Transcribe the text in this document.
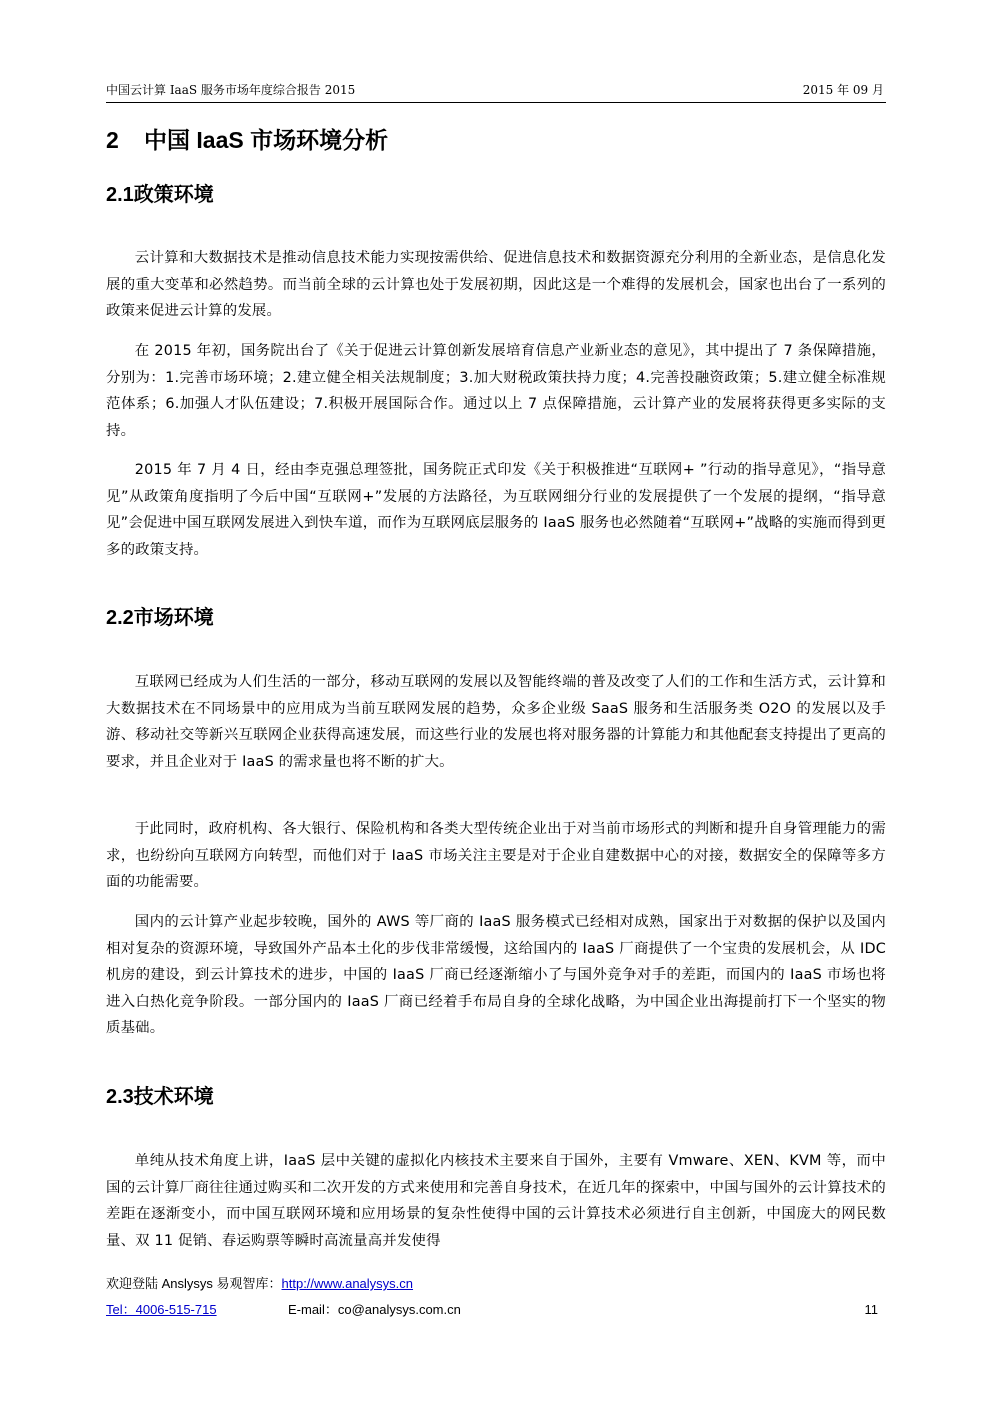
中国云计算 IaaS 服务市场年度综合报告 2015	2015 年 09 月
2 中国 IaaS 市场环境分析
2.1政策环境

云计算和大数据技术是推动信息技术能力实现按需供给、促进信息技术和数据资源充分利用的全新业态，是信息化发展的重大变革和必然趋势。而当前全球的云计算也处于发展初期，因此这是一个难得的发展机会，国家也出台了一系列的政策来促进云计算的发展。

在 2015 年初，国务院出台了《关于促进云计算创新发展培育信息产业新业态的意见》，其中提出了 7 条保障措施，分别为：1.完善市场环境；2.建立健全相关法规制度；3.加大财税政策扶持力度；4.完善投融资政策；5.建立健全标准规范体系；6.加强人才队伍建设；7.积极开展国际合作。通过以上 7 点保障措施，云计算产业的发展将获得更多实际的支持。

2015 年 7 月 4 日，经由李克强总理签批，国务院正式印发《关于积极推进“互联网+ ”行动的指导意见》，“指导意见”从政策角度指明了今后中国“互联网+”发展的方法路径，为互联网细分行业的发展提供了一个发展的提纲，“指导意见”会促进中国互联网发展进入到快车道，而作为互联网底层服务的 IaaS 服务也必然随着“互联网+”战略的实施而得到更多的政策支持。

2.2市场环境

互联网已经成为人们生活的一部分，移动互联网的发展以及智能终端的普及改变了人们的工作和生活方式，云计算和大数据技术在不同场景中的应用成为当前互联网发展的趋势，众多企业级 SaaS 服务和生活服务类 O2O 的发展以及手游、移动社交等新兴互联网企业获得高速发展，而这些行业的发展也将对服务器的计算能力和其他配套支持提出了更高的要求，并且企业对于 IaaS 的需求量也将不断的扩大。

于此同时，政府机构、各大银行、保险机构和各类大型传统企业出于对当前市场形式的判断和提升自身管理能力的需求，也纷纷向互联网方向转型，而他们对于 IaaS 市场关注主要是对于企业自建数据中心的对接，数据安全的保障等多方面的功能需要。

国内的云计算产业起步较晚，国外的 AWS 等厂商的 IaaS 服务模式已经相对成熟，国家出于对数据的保护以及国内相对复杂的资源环境，导致国外产品本土化的步伐非常缓慢，这给国内的 IaaS 厂商提供了一个宝贵的发展机会，从 IDC 机房的建设，到云计算技术的进步，中国的 IaaS 厂商已经逐渐缩小了与国外竞争对手的差距，而国内的 IaaS 市场也将进入白热化竞争阶段。一部分国内的 IaaS 厂商已经着手布局自身的全球化战略，为中国企业出海提前打下一个坚实的物质基础。

2.3技术环境

单纯从技术角度上讲，IaaS 层中关键的虚拟化内核技术主要来自于国外，主要有 Vmware、XEN、KVM 等，而中国的云计算厂商往往通过购买和二次开发的方式来使用和完善自身技术，在近几年的探索中，中国与国外的云计算技术的差距在逐渐变小，而中国互联网环境和应用场景的复杂性使得中国的云计算技术必须进行自主创新，中国庞大的网民数量、双 11 促销、春运购票等瞬时高流量高并发使得

欢迎登陆 Anslysys 易观智库：http://www.analysys.cn
Tel：4006-515-715	E-mail：co@analysys.com.cn	11
